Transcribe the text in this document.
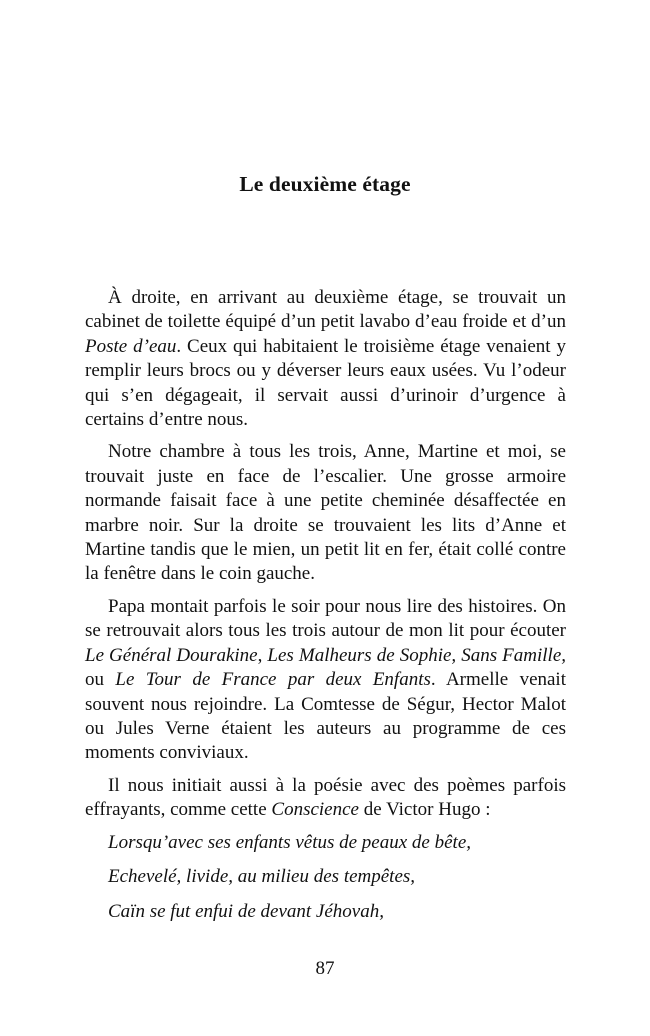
Le deuxième étage

À droite, en arrivant au deuxième étage, se trouvait un cabinet de toilette équipé d’un petit lavabo d’eau froide et d’un Poste d’eau. Ceux qui habitaient le troisième étage venaient y remplir leurs brocs ou y déverser leurs eaux usées. Vu l’odeur qui s’en dégageait, il servait aussi d’urinoir d’urgence à certains d’entre nous.

Notre chambre à tous les trois, Anne, Martine et moi, se trouvait juste en face de l’escalier. Une grosse armoire normande faisait face à une petite cheminée désaffectée en marbre noir. Sur la droite se trouvaient les lits d’Anne et Martine tandis que le mien, un petit lit en fer, était collé contre la fenêtre dans le coin gauche.

Papa montait parfois le soir pour nous lire des histoires. On se retrouvait alors tous les trois autour de mon lit pour écouter Le Général Dourakine, Les Malheurs de Sophie, Sans Famille, ou Le Tour de France par deux Enfants. Armelle venait souvent nous rejoindre. La Comtesse de Ségur, Hector Malot ou Jules Verne étaient les auteurs au programme de ces moments conviviaux.

Il nous initiait aussi à la poésie avec des poèmes parfois effrayants, comme cette Conscience de Victor Hugo :

Lorsqu’avec ses enfants vêtus de peaux de bête,

Echevelé, livide, au milieu des tempêtes,

Caïn se fut enfui de devant Jéhovah,

87
